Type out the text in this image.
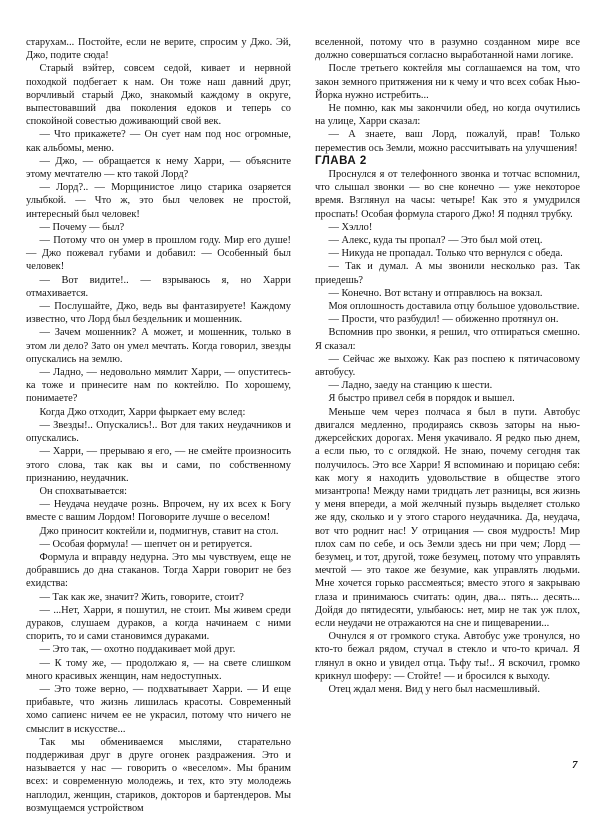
старухам... Постойте, если не верите, спросим у Джо. Эй, Джо, подите сюда!

Старый вэйтер, совсем седой, кивает и нервной походкой подбегает к нам. Он тоже наш давний друг, ворчливый старый Джо, знакомый каждому в округе, выпестовавший два поколения едоков и теперь со спокойной совестью доживающий свой век.

— Что прикажете? — Он сует нам под нос огромные, как альбомы, меню.

— Джо, — обращается к нему Харри, — объясните этому мечтателю — кто такой Лорд?

— Лорд?.. — Морщинистое лицо старика озаряется улыбкой. — Что ж, это был человек не простой, интересный был человек!

— Почему — был?

— Потому что он умер в прошлом году. Мир его душе! — Джо пожевал губами и добавил: — Особенный был человек!

— Вот видите!.. — взрываюсь я, но Харри отмахивается.

— Послушайте, Джо, ведь вы фантазируете! Каждому известно, что Лорд был бездельник и мошенник.

— Зачем мошенник? А может, и мошенник, только в этом ли дело? Зато он умел мечтать. Когда говорил, звезды опускались на землю.

— Ладно, — недовольно мямлит Харри, — опуститесь-ка тоже и принесите нам по коктейлю. По хорошему, понимаете?

Когда Джо отходит, Харри фыркает ему вслед:

— Звезды!.. Опускались!.. Вот для таких неудачников и опускались.

— Харри, — прерываю я его, — не смейте произносить этого слова, так как вы и сами, по собственному признанию, неудачник.

Он спохватывается:

— Неудача неудаче рознь. Впрочем, ну их всех к Богу вместе с вашим Лордом! Поговорите лучше о веселом!

Джо приносит коктейли и, подмигнув, ставит на стол.

— Особая формула! — шепчет он и ретируется.

Формула и вправду недурна. Это мы чувствуем, еще не добравшись до дна стаканов. Тогда Харри говорит не без ехидства:

— Так как же, значит? Жить, говорите, стоит?

— ...Нет, Харри, я пошутил, не стоит. Мы живем среди дураков, слушаем дураков, а когда начинаем с ними спорить, то и сами становимся дураками.

— Это так, — охотно поддакивает мой друг.

— К тому же, — продолжаю я, — на свете слишком много красивых женщин, нам недоступных.

— Это тоже верно, — подхватывает Харри. — И еще прибавьте, что жизнь лишилась красоты. Современный хомо сапиенс ничем ее не украсил, потому что ничего не смыслит в искусстве...

Так мы обмениваемся мыслями, старательно поддерживая друг в друге огонек раздражения. Это и называется у нас — говорить о «веселом». Мы браним всех: и современную молодежь, и тех, кто эту молодежь наплодил, женщин, стариков, докторов и бартендеров. Мы возмущаемся устройством

вселенной, потому что в разумно созданном мире все должно совершаться согласно выработанной нами логике.

После третьего коктейля мы соглашаемся на том, что закон земного притяжения ни к чему и что всех собак Нью-Йорка нужно истребить...

Не помню, как мы закончили обед, но когда очутились на улице, Харри сказал:

— А знаете, ваш Лорд, пожалуй, прав! Только переместив ось Земли, можно рассчитывать на улучшения!

ГЛАВА 2

Проснулся я от телефонного звонка и тотчас вспомнил, что слышал звонки — во сне конечно — уже некоторое время. Взглянул на часы: четыре! Как это я умудрился проспать! Особая формула старого Джо! Я поднял трубку.

— Хэлло!

— Алекс, куда ты пропал? — Это был мой отец.

— Никуда не пропадал. Только что вернулся с обеда.

— Так и думал. А мы звонили несколько раз. Так приедешь?

— Конечно. Вот встану и отправлюсь на вокзал.

Моя оплошность доставила отцу большое удовольствие.

— Прости, что разбудил! — обиженно протянул он.

Вспомнив про звонки, я решил, что отпираться смешно. Я сказал:

— Сейчас же выхожу. Как раз поспею к пятичасовому автобусу.

— Ладно, заеду на станцию к шести.

Я быстро привел себя в порядок и вышел.

Меньше чем через полчаса я был в пути. Автобус двигался медленно, продираясь сквозь заторы на нью-джерсейских дорогах. Меня укачивало. Я редко пью днем, а если пью, то с оглядкой. Не знаю, почему сегодня так получилось. Это все Харри! Я вспоминаю и порицаю себя: как могу я находить удовольствие в обществе этого мизантропа! Между нами тридцать лет разницы, вся жизнь у меня впереди, а мой желчный пузырь выделяет столько же яду, сколько и у этого старого неудачника. Да, неудача, вот что роднит нас! У отрицания — своя мудрость! Мир плох сам по себе, и ось Земли здесь ни при чем; Лорд — безумец, и тот, другой, тоже безумец, потому что управлять мечтой — это такое же безумие, как управлять людьми. Мне хочется горько рассмеяться; вместо этого я закрываю глаза и принимаюсь считать: один, два... пять... десять... Дойдя до пятидесяти, улыбаюсь: нет, мир не так уж плох, если неудачи не отражаются на сне и пищеварении...

Очнулся я от громкого стука. Автобус уже тронулся, но кто-то бежал рядом, стучал в стекло и что-то кричал. Я глянул в окно и увидел отца. Тьфу ты!.. Я вскочил, громко крикнул шоферу: — Стойте! — и бросился к выходу.

Отец ждал меня. Вид у него был насмешливый.

7
